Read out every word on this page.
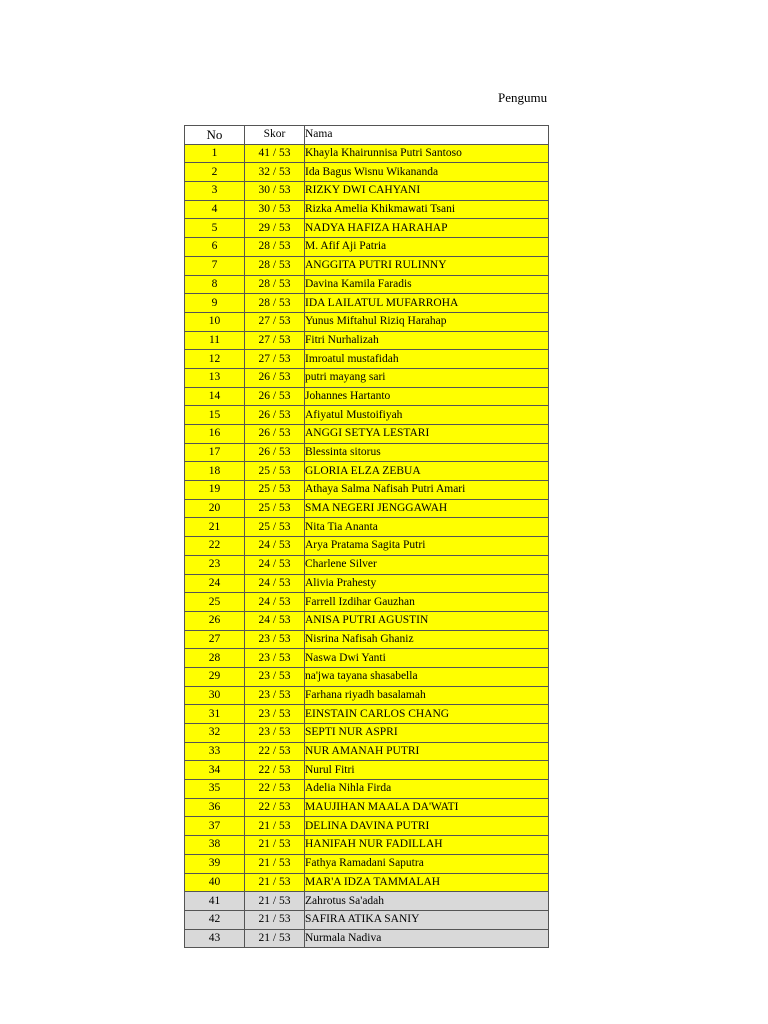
Pengumu
No	Skor	Nama
1	41 / 53	Khayla Khairunnisa Putri Santoso
2	32 / 53	Ida Bagus Wisnu Wikananda
3	30 / 53	RIZKY DWI CAHYANI
4	30 / 53	Rizka Amelia Khikmawati Tsani
5	29 / 53	NADYA HAFIZA HARAHAP
6	28 / 53	M. Afif Aji Patria
7	28 / 53	ANGGITA PUTRI RULINNY
8	28 / 53	Davina Kamila Faradis
9	28 / 53	IDA LAILATUL MUFARROHA
10	27 / 53	Yunus Miftahul Riziq Harahap
11	27 / 53	Fitri Nurhalizah
12	27 / 53	Imroatul mustafidah
13	26 / 53	putri mayang sari
14	26 / 53	Johannes Hartanto
15	26 / 53	Afiyatul Mustoifiyah
16	26 / 53	ANGGI SETYA LESTARI
17	26 / 53	Blessinta sitorus
18	25 / 53	GLORIA ELZA ZEBUA
19	25 / 53	Athaya Salma Nafisah Putri Amari
20	25 / 53	SMA NEGERI JENGGAWAH
21	25 / 53	Nita Tia Ananta
22	24 / 53	Arya Pratama Sagita Putri
23	24 / 53	Charlene Silver
24	24 / 53	Alivia Prahesty
25	24 / 53	Farrell Izdihar Gauzhan
26	24 / 53	ANISA PUTRI AGUSTIN
27	23 / 53	Nisrina Nafisah Ghaniz
28	23 / 53	Naswa Dwi Yanti
29	23 / 53	na'jwa tayana shasabella
30	23 / 53	Farhana riyadh basalamah
31	23 / 53	EINSTAIN CARLOS CHANG
32	23 / 53	SEPTI NUR ASPRI
33	22 / 53	NUR AMANAH PUTRI
34	22 / 53	Nurul Fitri
35	22 / 53	Adelia Nihla Firda
36	22 / 53	MAUJIHAN MAALA DA'WATI
37	21 / 53	DELINA DAVINA PUTRI
38	21 / 53	HANIFAH NUR FADILLAH
39	21 / 53	Fathya Ramadani Saputra
40	21 / 53	MAR'A IDZA TAMMALAH
41	21 / 53	Zahrotus Sa'adah
42	21 / 53	SAFIRA ATIKA SANIY
43	21 / 53	Nurmala Nadiva
